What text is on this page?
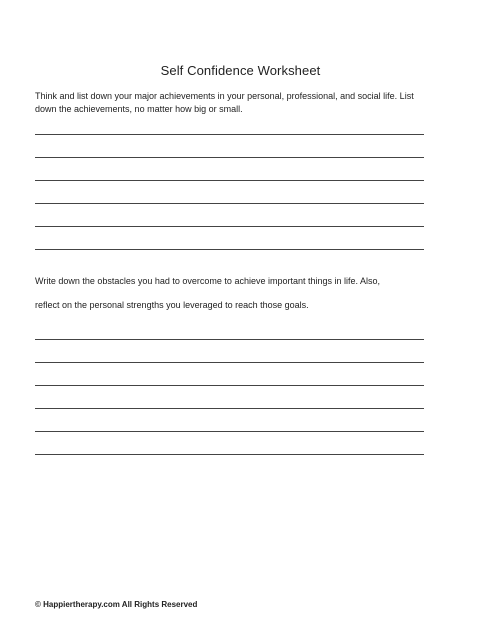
Self Confidence Worksheet
Think and list down your major achievements in your personal, professional, and social life. List down the achievements, no matter how big or small.
Write down the obstacles you had to overcome to achieve important things in life. Also,
reflect on the personal strengths you leveraged to reach those goals.
© Happiertherapy.com All Rights Reserved
